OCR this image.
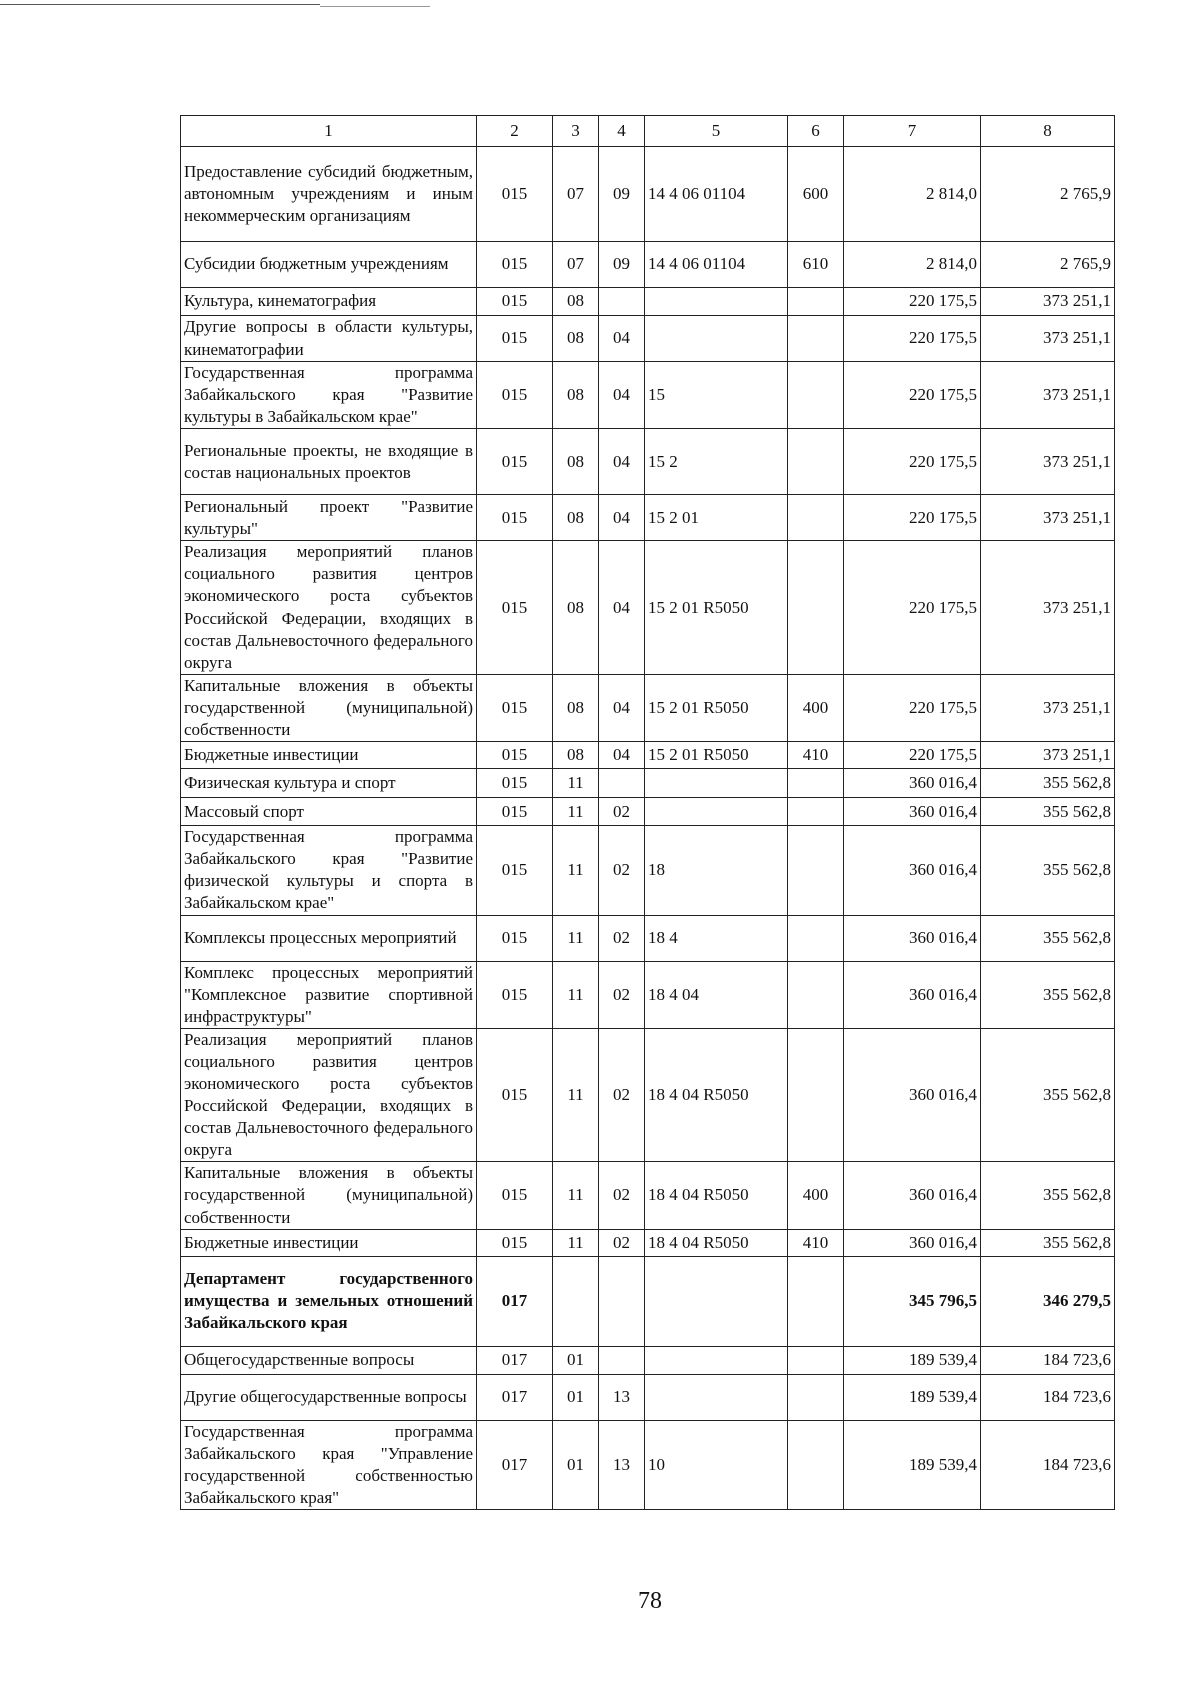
1	2	3	4	5	6	7	8
Предоставление субсидий бюджетным, автономным учреждениям и иным некоммерческим организациям	015	07	09	14 4 06 01104	600	2 814,0	2 765,9
Субсидии бюджетным учреждениям	015	07	09	14 4 06 01104	610	2 814,0	2 765,9
Культура, кинематография	015	08				220 175,5	373 251,1
Другие вопросы в области культуры, кинематографии	015	08	04			220 175,5	373 251,1
Государственная программа Забайкальского края "Развитие культуры в Забайкальском крае"	015	08	04	15		220 175,5	373 251,1
Региональные проекты, не входящие в состав национальных проектов	015	08	04	15 2		220 175,5	373 251,1
Региональный проект "Развитие культуры"	015	08	04	15 2 01		220 175,5	373 251,1
Реализация мероприятий планов социального развития центров экономического роста субъектов Российской Федерации, входящих в состав Дальневосточного федерального округа	015	08	04	15 2 01 R5050		220 175,5	373 251,1
Капитальные вложения в объекты государственной (муниципальной) собственности	015	08	04	15 2 01 R5050	400	220 175,5	373 251,1
Бюджетные инвестиции	015	08	04	15 2 01 R5050	410	220 175,5	373 251,1
Физическая культура и спорт	015	11				360 016,4	355 562,8
Массовый спорт	015	11	02			360 016,4	355 562,8
Государственная программа Забайкальского края "Развитие физической культуры и спорта в Забайкальском крае"	015	11	02	18		360 016,4	355 562,8
Комплексы процессных мероприятий	015	11	02	18 4		360 016,4	355 562,8
Комплекс процессных мероприятий "Комплексное развитие спортивной инфраструктуры"	015	11	02	18 4 04		360 016,4	355 562,8
Реализация мероприятий планов социального развития центров экономического роста субъектов Российской Федерации, входящих в состав Дальневосточного федерального округа	015	11	02	18 4 04 R5050		360 016,4	355 562,8
Капитальные вложения в объекты государственной (муниципальной) собственности	015	11	02	18 4 04 R5050	400	360 016,4	355 562,8
Бюджетные инвестиции	015	11	02	18 4 04 R5050	410	360 016,4	355 562,8
Департамент государственного имущества и земельных отношений Забайкальского края	017					345 796,5	346 279,5
Общегосударственные вопросы	017	01				189 539,4	184 723,6
Другие общегосударственные вопросы	017	01	13			189 539,4	184 723,6
Государственная программа Забайкальского края "Управление государственной собственностью Забайкальского края"	017	01	13	10		189 539,4	184 723,6
78
